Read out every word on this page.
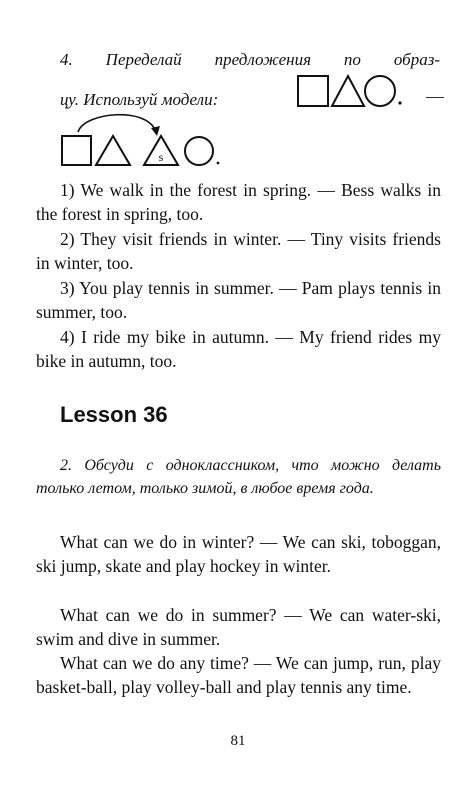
4. Переделай предложения по образ-
цу. Используй модели:	—
s

1) We walk in the forest in spring. — Bess walks in the forest in spring, too.

2) They visit friends in winter. — Tiny visits friends in winter, too.

3) You play tennis in summer. — Pam plays tennis in summer, too.

4) I ride my bike in autumn. — My friend rides my bike in autumn, too.

Lesson 36

2. Обсуди с одноклассником, что можно делать только летом, только зимой, в любое время года.

What can we do in winter? — We can ski, toboggan, ski jump, skate and play hockey in winter.

What can we do in summer? — We can water-ski, swim and dive in summer.

What can we do any time? — We can jump, run, play basket-ball, play volley-ball and play tennis any time.

81
